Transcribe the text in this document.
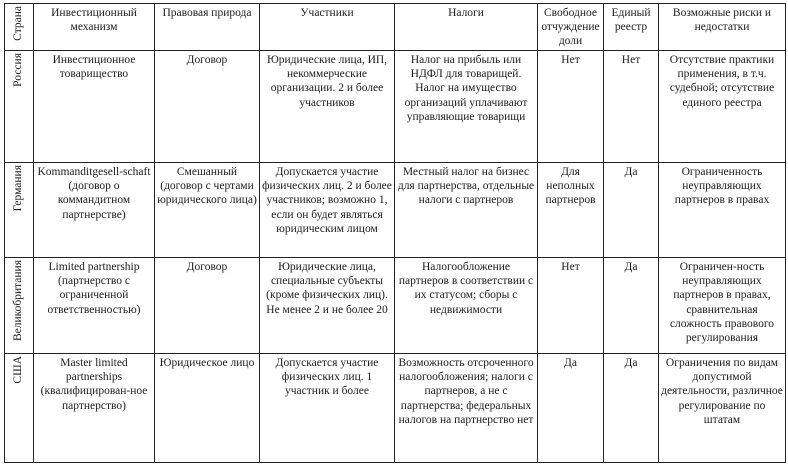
Страна	Инвестиционный механизм	Правовая природа	Участники	Налоги	Свободное отчуждение доли	Единый реестр	Возможные риски и недостатки
Россия	Инвестиционное товарищество	Договор	Юридические лица, ИП, некоммерческие организации. 2 и более участников	Налог на прибыль или НДФЛ для товарищей. Налог на имущество организаций уплачивают управляющие товарищи	Нет	Нет	Отсутствие практики применения, в т.ч. судебной; отсутствие единого реестра
Германия	Kommanditgesell-schaft (договор о коммандитном партнерстве)	Смешанный (договор с чертами юридического лица)	Допускается участие физических лиц. 2 и более участников; возможно 1, если он будет являться юридическим лицом	Местный налог на бизнес для партнерства, отдельные налоги с партнеров	Для неполных партнеров	Да	Ограниченность неуправляющих партнеров в правах
Великобритания	Limited partnership (партнерство с ограниченной ответственностью)	Договор	Юридические лица, специальные субъекты (кроме физических лиц). Не менее 2 и не более 20	Налогообложение партнеров в соответствии с их статусом; сборы с недвижимости	Нет	Да	Ограничен-ность неуправляющих партнеров в правах, сравнительная сложность правового регулирования
США	Master limited partnerships (квалифицирован-ное партнерство)	Юридическое лицо	Допускается участие физических лиц. 1 участник и более	Возможность отсроченного налогообложения; налоги с партнеров, а не с партнерства; федеральных налогов на партнерство нет	Да	Да	Ограничения по видам допустимой деятельности, различное регулирование по штатам
